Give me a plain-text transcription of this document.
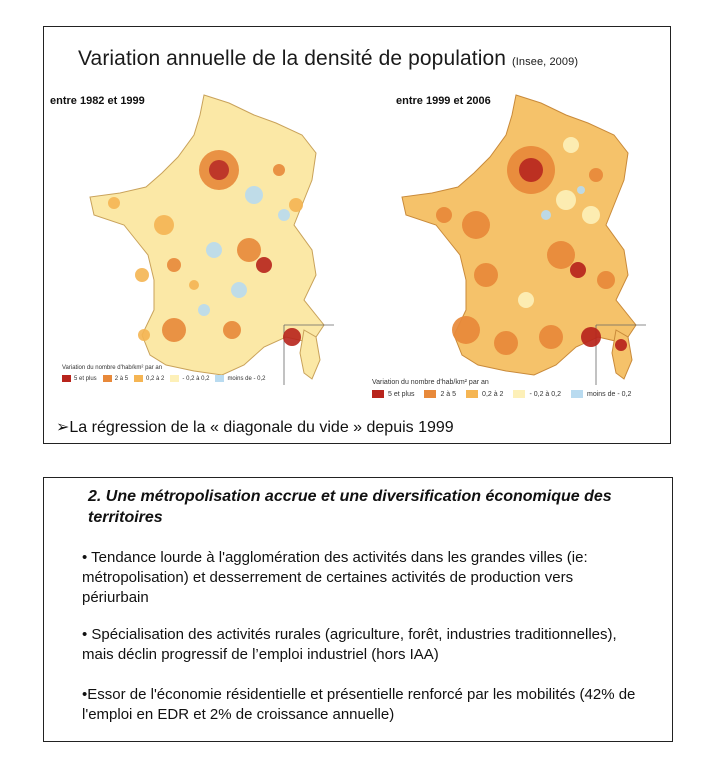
Variation annuelle de la densité de population (Insee, 2009)
entre 1982 et 1999
Variation du nombre d'hab/km² par an
5 et plus	2 à 5	0,2 à 2	- 0,2 à 0,2	moins de - 0,2
entre 1999 et 2006
Variation du nombre d'hab/km² par an
5 et plus	2 à 5	0,2 à 2	- 0,2 à 0,2	moins de - 0,2
➢La régression de la « diagonale du vide » depuis 1999
2. Une métropolisation accrue et une diversification économique des territoires
• Tendance lourde à l'agglomération des activités dans les grandes villes (ie: métropolisation) et desserrement de certaines activités de production vers périurbain
• Spécialisation des activités rurales (agriculture, forêt, industries traditionnelles), mais déclin progressif de l’emploi industriel (hors IAA)
•Essor de l'économie résidentielle et présentielle renforcé par les mobilités (42% de l'emploi en EDR et 2% de croissance annuelle)
